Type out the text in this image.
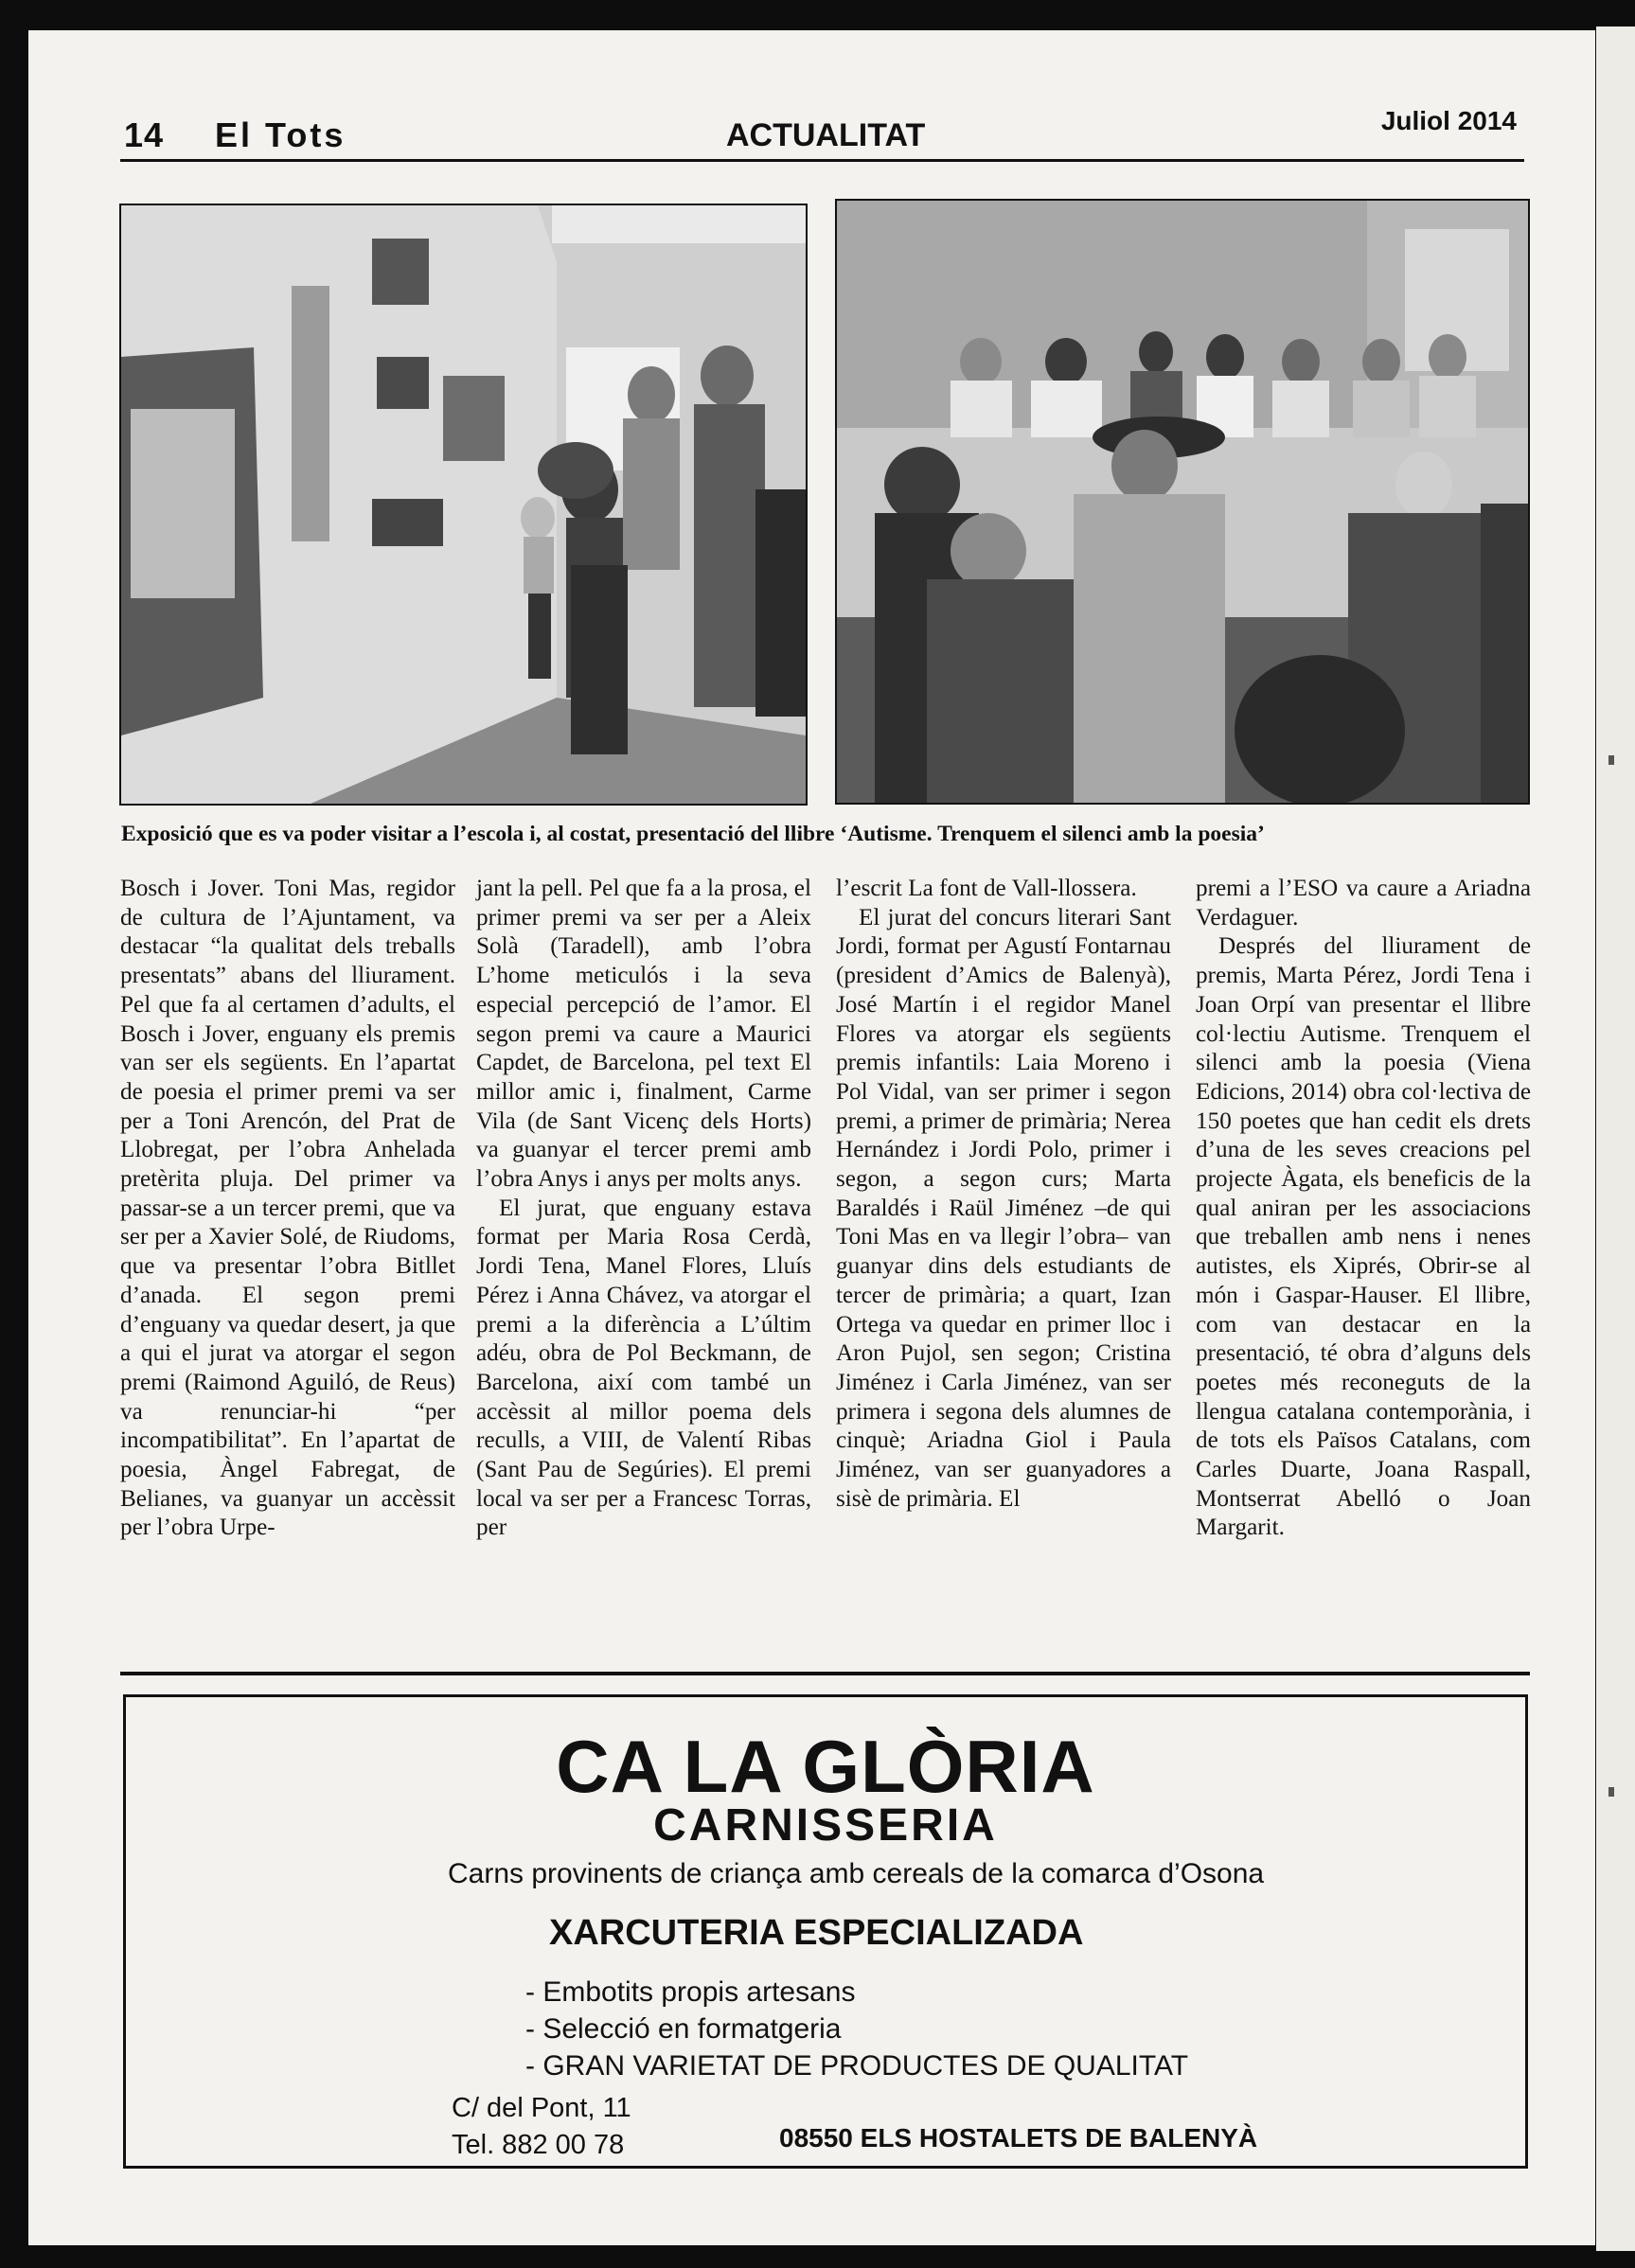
14 El Tots	ACTUALITAT	Juliol 2014
Exposició que es va poder visitar a l’escola i, al costat, presentació del llibre ‘Autisme. Trenquem el silenci amb la poesia’

Bosch i Jover. Toni Mas, regidor de cultura de l’Ajuntament, va destacar “la qualitat dels treballs presentats” abans del lliurament. Pel que fa al certamen d’adults, el Bosch i Jover, enguany els premis van ser els següents. En l’apartat de poesia el primer premi va ser per a Toni Arencón, del Prat de Llobregat, per l’obra Anhelada pretèrita pluja. Del primer va passar-se a un tercer premi, que va ser per a Xavier Solé, de Riudoms, que va presentar l’obra Bitllet d’anada. El segon premi d’enguany va quedar desert, ja que a qui el jurat va atorgar el segon premi (Raimond Aguiló, de Reus) va renunciar-hi “per incompatibilitat”. En l’apartat de poesia, Àngel Fabregat, de Belianes, va guanyar un accèssit per l’obra Urpe-

jant la pell. Pel que fa a la prosa, el primer premi va ser per a Aleix Solà (Taradell), amb l’obra L’home meticulós i la seva especial percepció de l’amor. El segon premi va caure a Maurici Capdet, de Barcelona, pel text El millor amic i, finalment, Carme Vila (de Sant Vicenç dels Horts) va guanyar el tercer premi amb l’obra Anys i anys per molts anys.

El jurat, que enguany estava format per Maria Rosa Cerdà, Jordi Tena, Manel Flores, Lluís Pérez i Anna Chávez, va atorgar el premi a la diferència a L’últim adéu, obra de Pol Beckmann, de Barcelona, així com també un accèssit al millor poema dels reculls, a VIII, de Valentí Ribas (Sant Pau de Segúries). El premi local va ser per a Francesc Torras, per

l’escrit La font de Vall-llossera.

El jurat del concurs literari Sant Jordi, format per Agustí Fontarnau (president d’Amics de Balenyà), José Martín i el regidor Manel Flores va atorgar els següents premis infantils: Laia Moreno i Pol Vidal, van ser primer i segon premi, a primer de primària; Nerea Hernández i Jordi Polo, primer i segon, a segon curs; Marta Baraldés i Raül Jiménez –de qui Toni Mas en va llegir l’obra– van guanyar dins dels estudiants de tercer de primària; a quart, Izan Ortega va quedar en primer lloc i Aron Pujol, sen segon; Cristina Jiménez i Carla Jiménez, van ser primera i segona dels alumnes de cinquè; Ariadna Giol i Paula Jiménez, van ser guanyadores a sisè de primària. El

premi a l’ESO va caure a Ariadna Verdaguer.

Després del lliurament de premis, Marta Pérez, Jordi Tena i Joan Orpí van presentar el llibre col·lectiu Autisme. Trenquem el silenci amb la poesia (Viena Edicions, 2014) obra col·lectiva de 150 poetes que han cedit els drets d’una de les seves creacions pel projecte Àgata, els beneficis de la qual aniran per les associacions que treballen amb nens i nenes autistes, els Xiprés, Obrir-se al món i Gaspar-Hauser. El llibre, com van destacar en la presentació, té obra d’alguns dels poetes més reconeguts de la llengua catalana contemporània, i de tots els Països Catalans, com Carles Duarte, Joana Raspall, Montserrat Abelló o Joan Margarit.

CA LA GLÒRIA
CARNISSERIA
Carns provinents de criança amb cereals de la comarca d’Osona
XARCUTERIA ESPECIALIZADA
- Embotits propis artesans
- Selecció en formatgeria
- GRAN VARIETAT DE PRODUCTES DE QUALITAT
C/ del Pont, 11
Tel. 882 00 78	08550 ELS HOSTALETS DE BALENYÀ
